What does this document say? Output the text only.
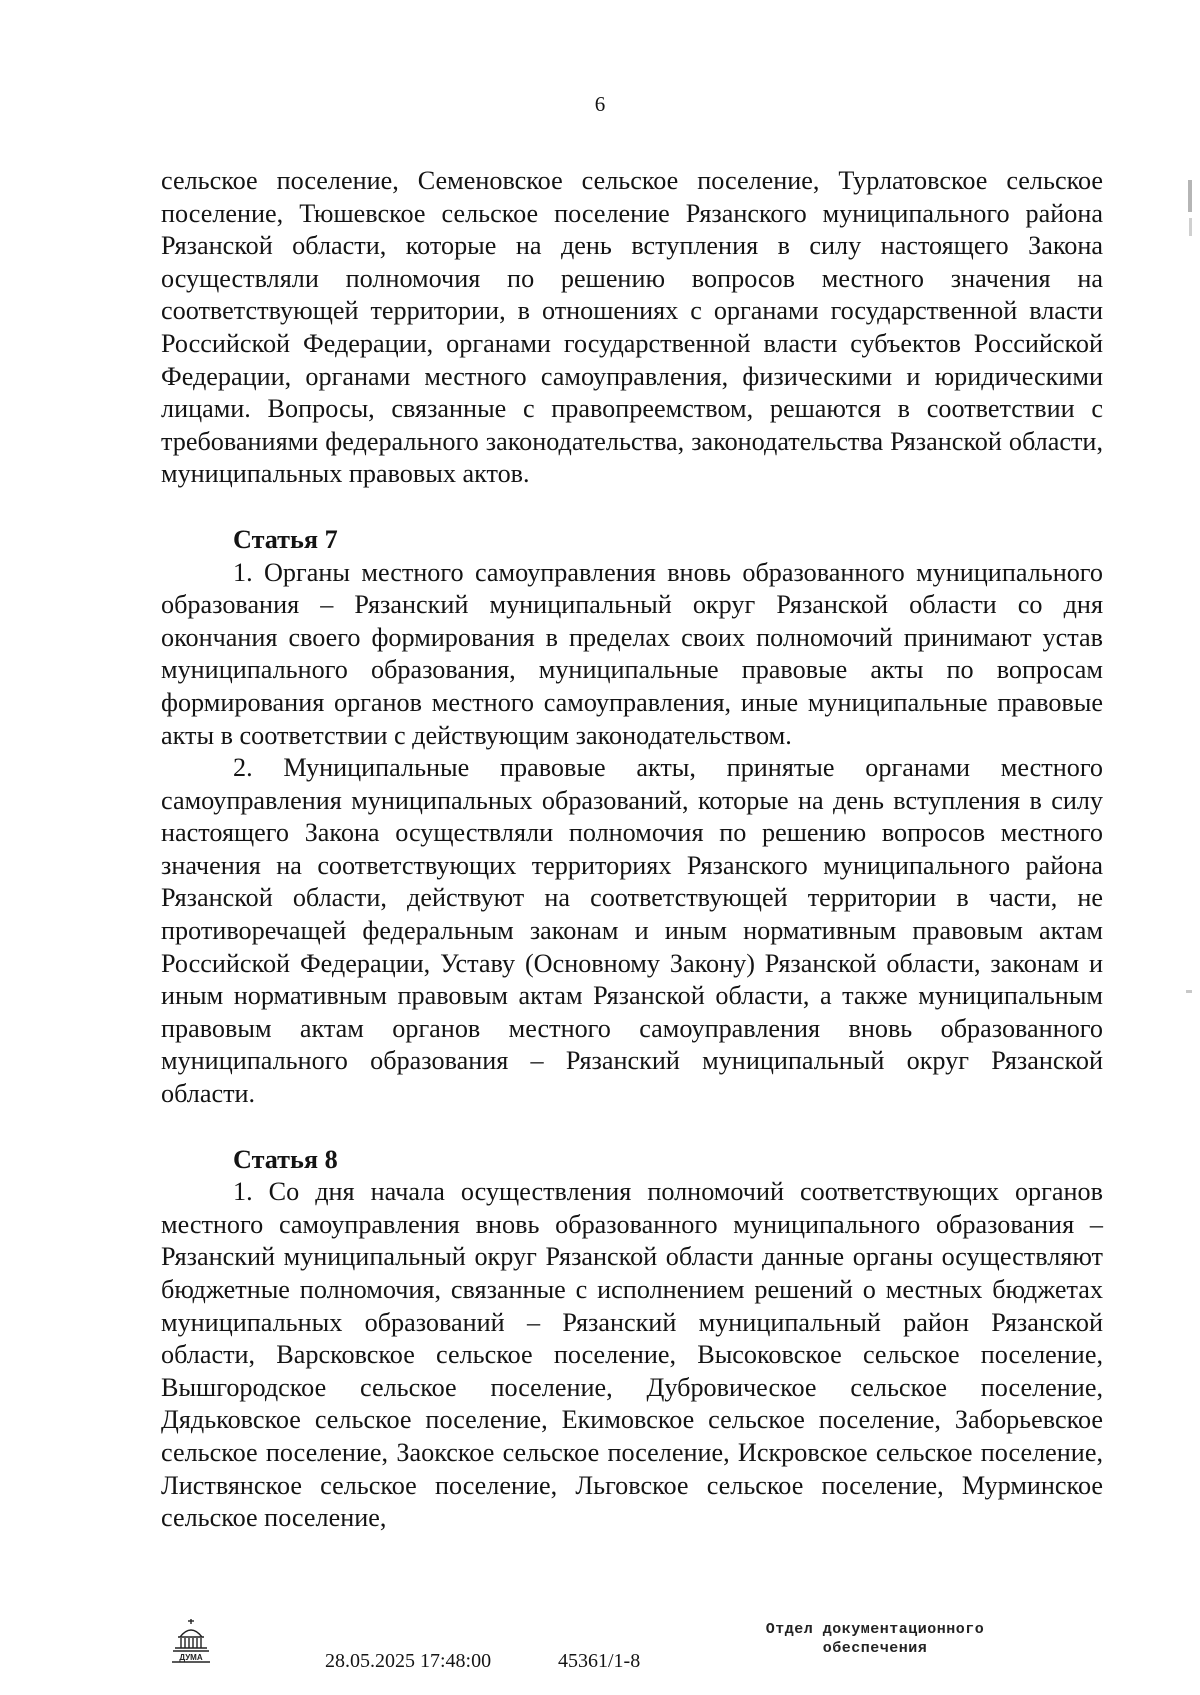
6

сельское поселение, Семеновское сельское поселение, Турлатовское сельское поселение, Тюшевское сельское поселение Рязанского муниципального района Рязанской области, которые на день вступления в силу настоящего Закона осуществляли полномочия по решению вопросов местного значения на соответствующей территории, в отношениях с органами государственной власти Российской Федерации, органами государственной власти субъектов Российской Федерации, органами местного самоуправления, физическими и юридическими лицами. Вопросы, связанные с правопреемством, решаются в соответствии с требованиями федерального законодательства, законодательства Рязанской области, муниципальных правовых актов.

Статья 7

1. Органы местного самоуправления вновь образованного муниципального образования – Рязанский муниципальный округ Рязанской области со дня окончания своего формирования в пределах своих полномочий принимают устав муниципального образования, муниципальные правовые акты по вопросам формирования органов местного самоуправления, иные муниципальные правовые акты в соответствии с действующим законодательством.

2. Муниципальные правовые акты, принятые органами местного самоуправления муниципальных образований, которые на день вступления в силу настоящего Закона осуществляли полномочия по решению вопросов местного значения на соответствующих территориях Рязанского муниципального района Рязанской области, действуют на соответствующей территории в части, не противоречащей федеральным законам и иным нормативным правовым актам Российской Федерации, Уставу (Основному Закону) Рязанской области, законам и иным нормативным правовым актам Рязанской области, а также муниципальным правовым актам органов местного самоуправления вновь образованного муниципального образования – Рязанский муниципальный округ Рязанской области.

Статья 8

1. Со дня начала осуществления полномочий соответствующих органов местного самоуправления вновь образованного муниципального образования – Рязанский муниципальный округ Рязанской области данные органы осуществляют бюджетные полномочия, связанные с исполнением решений о местных бюджетах муниципальных образований – Рязанский муниципальный район Рязанской области, Варсковское сельское поселение, Высоковское сельское поселение, Вышгородское сельское поселение, Дубровическое сельское поселение, Дядьковское сельское поселение, Екимовское сельское поселение, Заборьевское сельское поселение, Заокское сельское поселение, Искровское сельское поселение, Листвянское сельское поселение, Льговское сельское поселение, Мурминское сельское поселение,

ДУМА	28.05.2025 17:48:00	45361/1-8
Отдел документационного
обеспечения
